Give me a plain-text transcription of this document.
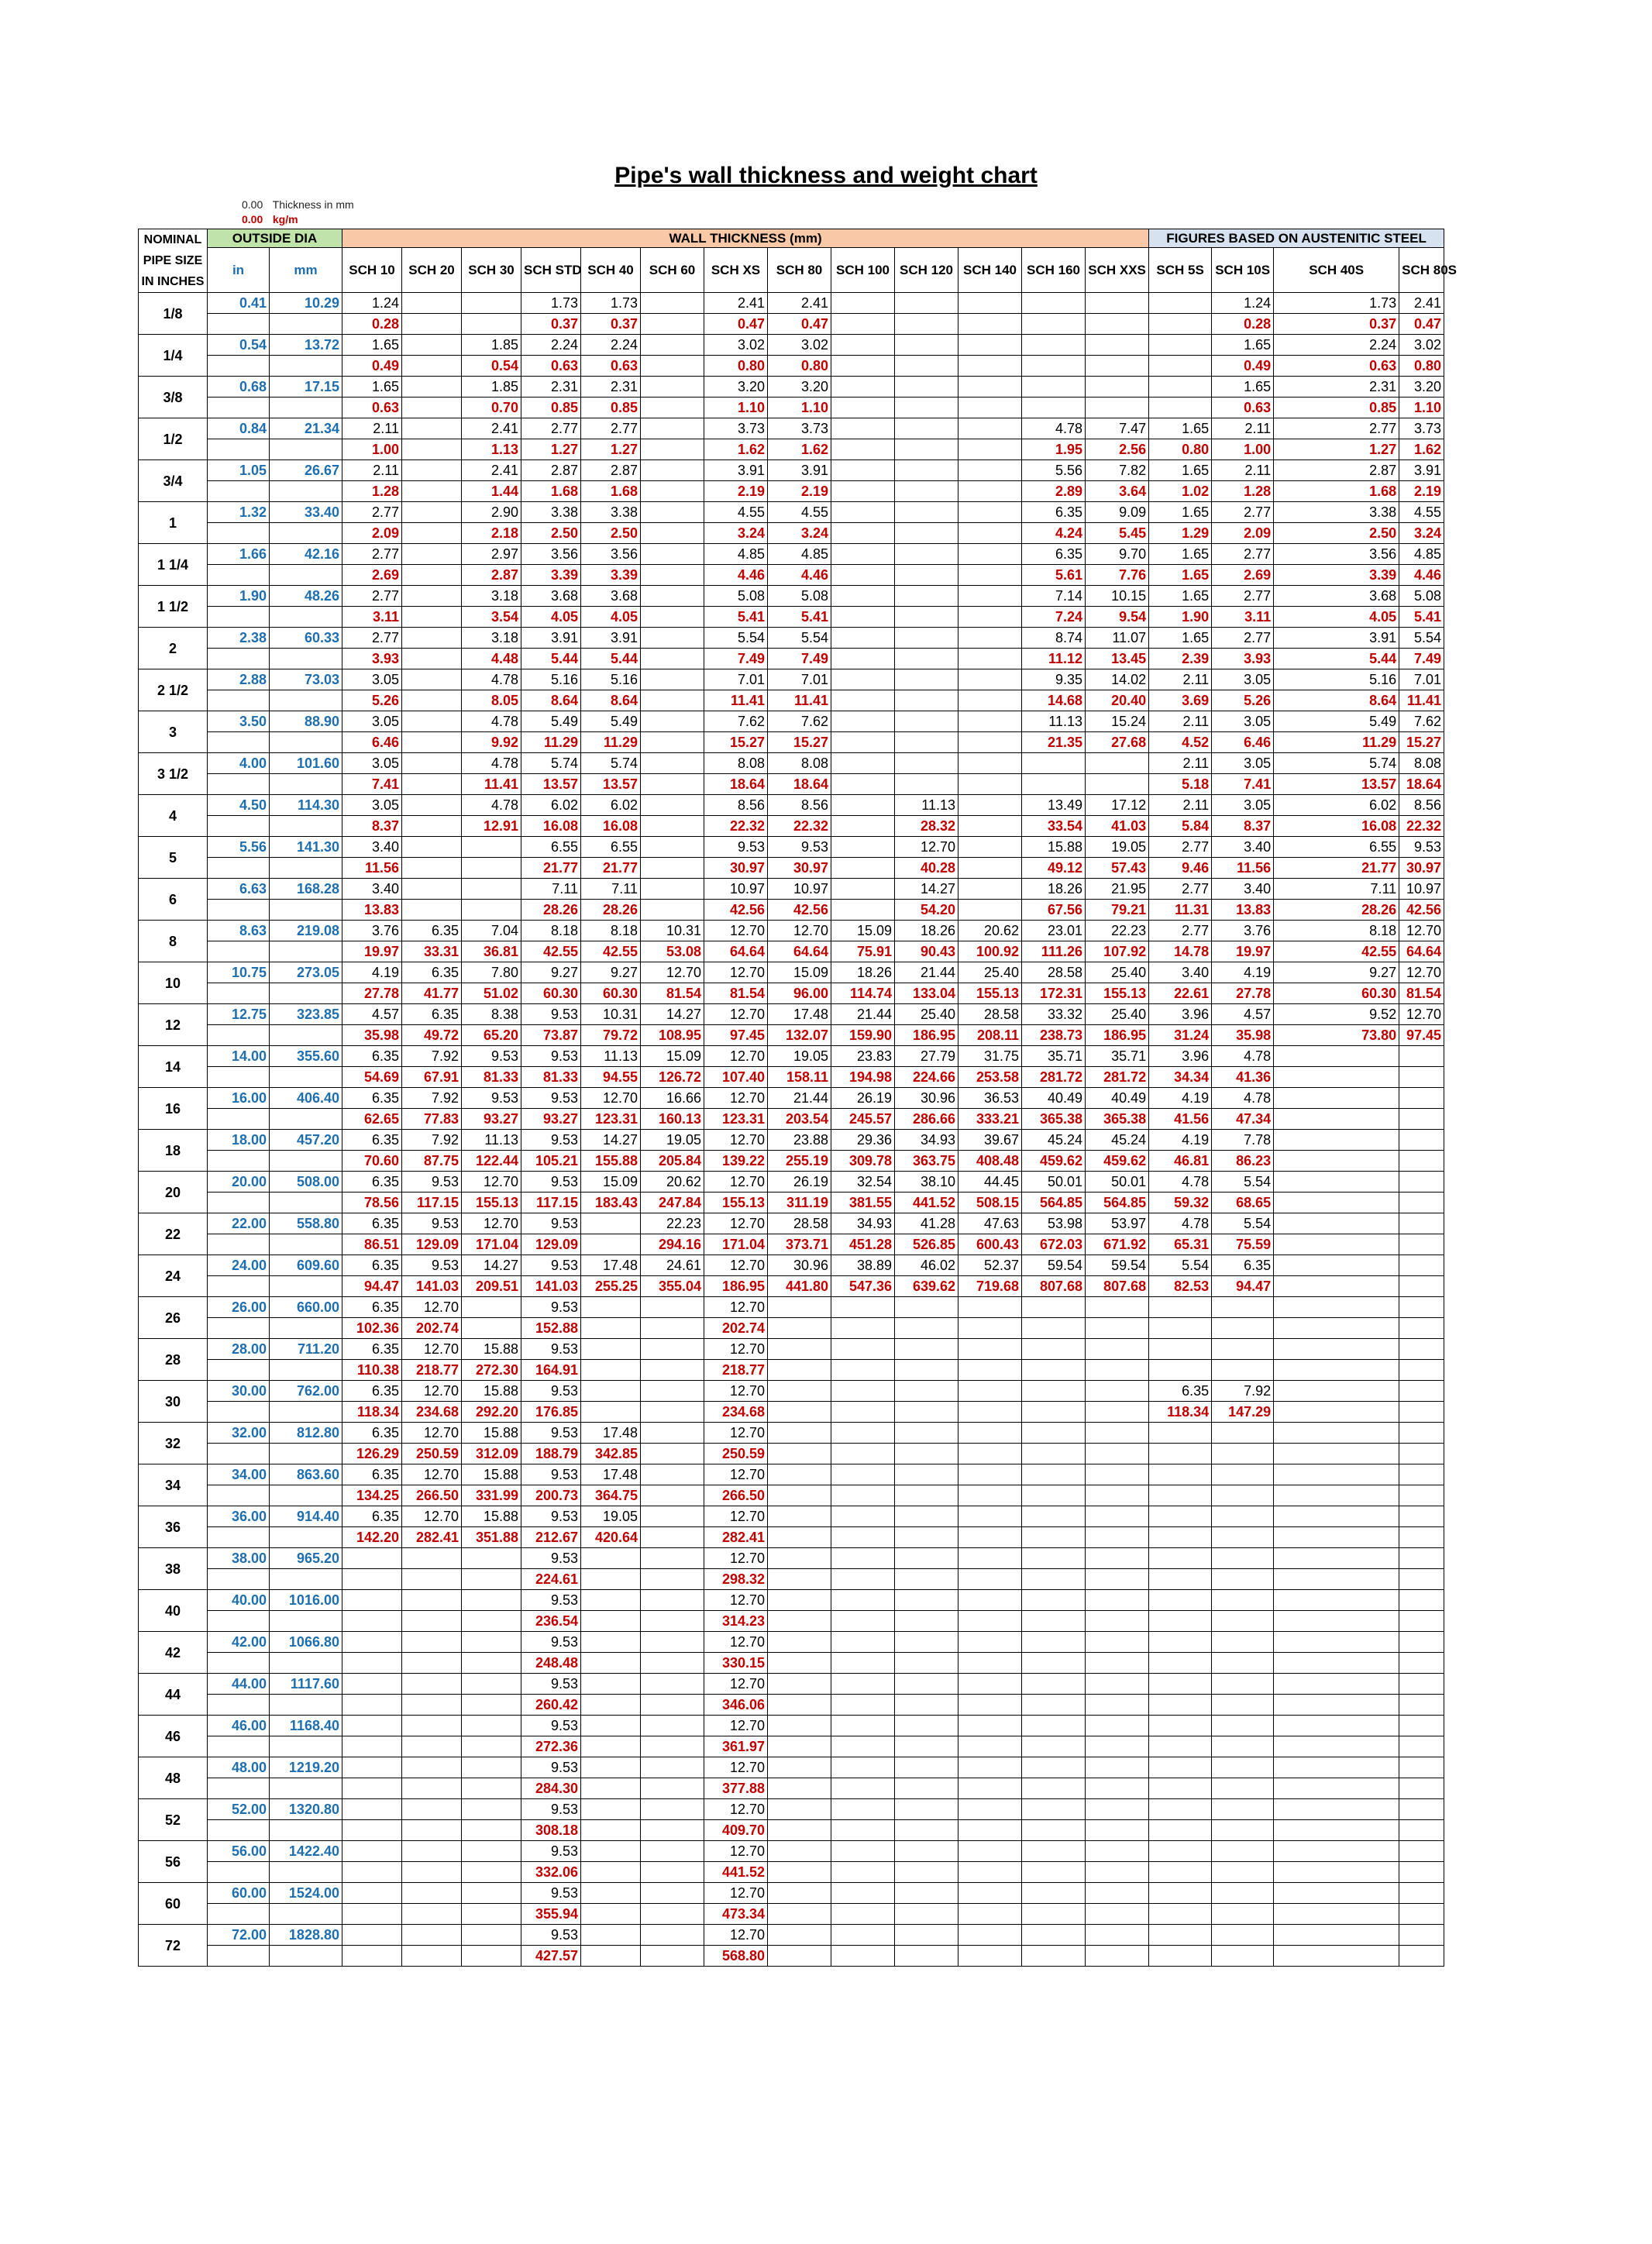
Pipe's wall thickness and weight chart
0.00 Thickness in mm
0.00 kg/m
NOMINAL PIPE SIZE IN INCHES	OUTSIDE DIA		WALL THICKNESS (mm)													FIGURES BASED ON AUSTENITIC STEEL			
	in	mm	SCH 10	SCH 20	SCH 30	SCH STD	SCH 40	SCH 60	SCH XS	SCH 80	SCH 100	SCH 120	SCH 140	SCH 160	SCH XXS	SCH 5S	SCH 10S	SCH 40S	SCH 80S
1/8	0.41	10.29	1.24			1.73	1.73		2.41	2.41							1.24	1.73	2.41
			0.28			0.37	0.37		0.47	0.47							0.28	0.37	0.47
1/4	0.54	13.72	1.65		1.85	2.24	2.24		3.02	3.02							1.65	2.24	3.02
			0.49		0.54	0.63	0.63		0.80	0.80							0.49	0.63	0.80
3/8	0.68	17.15	1.65		1.85	2.31	2.31		3.20	3.20							1.65	2.31	3.20
			0.63		0.70	0.85	0.85		1.10	1.10							0.63	0.85	1.10
1/2	0.84	21.34	2.11		2.41	2.77	2.77		3.73	3.73				4.78	7.47	1.65	2.11	2.77	3.73
			1.00		1.13	1.27	1.27		1.62	1.62				1.95	2.56	0.80	1.00	1.27	1.62
3/4	1.05	26.67	2.11		2.41	2.87	2.87		3.91	3.91				5.56	7.82	1.65	2.11	2.87	3.91
			1.28		1.44	1.68	1.68		2.19	2.19				2.89	3.64	1.02	1.28	1.68	2.19
1	1.32	33.40	2.77		2.90	3.38	3.38		4.55	4.55				6.35	9.09	1.65	2.77	3.38	4.55
			2.09		2.18	2.50	2.50		3.24	3.24				4.24	5.45	1.29	2.09	2.50	3.24
1 1/4	1.66	42.16	2.77		2.97	3.56	3.56		4.85	4.85				6.35	9.70	1.65	2.77	3.56	4.85
			2.69		2.87	3.39	3.39		4.46	4.46				5.61	7.76	1.65	2.69	3.39	4.46
1 1/2	1.90	48.26	2.77		3.18	3.68	3.68		5.08	5.08				7.14	10.15	1.65	2.77	3.68	5.08
			3.11		3.54	4.05	4.05		5.41	5.41				7.24	9.54	1.90	3.11	4.05	5.41
2	2.38	60.33	2.77		3.18	3.91	3.91		5.54	5.54				8.74	11.07	1.65	2.77	3.91	5.54
			3.93		4.48	5.44	5.44		7.49	7.49				11.12	13.45	2.39	3.93	5.44	7.49
2 1/2	2.88	73.03	3.05		4.78	5.16	5.16		7.01	7.01				9.35	14.02	2.11	3.05	5.16	7.01
			5.26		8.05	8.64	8.64		11.41	11.41				14.68	20.40	3.69	5.26	8.64	11.41
3	3.50	88.90	3.05		4.78	5.49	5.49		7.62	7.62				11.13	15.24	2.11	3.05	5.49	7.62
			6.46		9.92	11.29	11.29		15.27	15.27				21.35	27.68	4.52	6.46	11.29	15.27
3 1/2	4.00	101.60	3.05		4.78	5.74	5.74		8.08	8.08						2.11	3.05	5.74	8.08
			7.41		11.41	13.57	13.57		18.64	18.64						5.18	7.41	13.57	18.64
4	4.50	114.30	3.05		4.78	6.02	6.02		8.56	8.56		11.13		13.49	17.12	2.11	3.05	6.02	8.56
			8.37		12.91	16.08	16.08		22.32	22.32		28.32		33.54	41.03	5.84	8.37	16.08	22.32
5	5.56	141.30	3.40			6.55	6.55		9.53	9.53		12.70		15.88	19.05	2.77	3.40	6.55	9.53
			11.56			21.77	21.77		30.97	30.97		40.28		49.12	57.43	9.46	11.56	21.77	30.97
6	6.63	168.28	3.40			7.11	7.11		10.97	10.97		14.27		18.26	21.95	2.77	3.40	7.11	10.97
			13.83			28.26	28.26		42.56	42.56		54.20		67.56	79.21	11.31	13.83	28.26	42.56
8	8.63	219.08	3.76	6.35	7.04	8.18	8.18	10.31	12.70	12.70	15.09	18.26	20.62	23.01	22.23	2.77	3.76	8.18	12.70
			19.97	33.31	36.81	42.55	42.55	53.08	64.64	64.64	75.91	90.43	100.92	111.26	107.92	14.78	19.97	42.55	64.64
10	10.75	273.05	4.19	6.35	7.80	9.27	9.27	12.70	12.70	15.09	18.26	21.44	25.40	28.58	25.40	3.40	4.19	9.27	12.70
			27.78	41.77	51.02	60.30	60.30	81.54	81.54	96.00	114.74	133.04	155.13	172.31	155.13	22.61	27.78	60.30	81.54
12	12.75	323.85	4.57	6.35	8.38	9.53	10.31	14.27	12.70	17.48	21.44	25.40	28.58	33.32	25.40	3.96	4.57	9.52	12.70
			35.98	49.72	65.20	73.87	79.72	108.95	97.45	132.07	159.90	186.95	208.11	238.73	186.95	31.24	35.98	73.80	97.45
14	14.00	355.60	6.35	7.92	9.53	9.53	11.13	15.09	12.70	19.05	23.83	27.79	31.75	35.71	35.71	3.96	4.78		
			54.69	67.91	81.33	81.33	94.55	126.72	107.40	158.11	194.98	224.66	253.58	281.72	281.72	34.34	41.36		
16	16.00	406.40	6.35	7.92	9.53	9.53	12.70	16.66	12.70	21.44	26.19	30.96	36.53	40.49	40.49	4.19	4.78		
			62.65	77.83	93.27	93.27	123.31	160.13	123.31	203.54	245.57	286.66	333.21	365.38	365.38	41.56	47.34		
18	18.00	457.20	6.35	7.92	11.13	9.53	14.27	19.05	12.70	23.88	29.36	34.93	39.67	45.24	45.24	4.19	7.78		
			70.60	87.75	122.44	105.21	155.88	205.84	139.22	255.19	309.78	363.75	408.48	459.62	459.62	46.81	86.23		
20	20.00	508.00	6.35	9.53	12.70	9.53	15.09	20.62	12.70	26.19	32.54	38.10	44.45	50.01	50.01	4.78	5.54		
			78.56	117.15	155.13	117.15	183.43	247.84	155.13	311.19	381.55	441.52	508.15	564.85	564.85	59.32	68.65		
22	22.00	558.80	6.35	9.53	12.70	9.53		22.23	12.70	28.58	34.93	41.28	47.63	53.98	53.97	4.78	5.54		
			86.51	129.09	171.04	129.09		294.16	171.04	373.71	451.28	526.85	600.43	672.03	671.92	65.31	75.59		
24	24.00	609.60	6.35	9.53	14.27	9.53	17.48	24.61	12.70	30.96	38.89	46.02	52.37	59.54	59.54	5.54	6.35		
			94.47	141.03	209.51	141.03	255.25	355.04	186.95	441.80	547.36	639.62	719.68	807.68	807.68	82.53	94.47		
26	26.00	660.00	6.35	12.70		9.53			12.70										
			102.36	202.74		152.88			202.74										
28	28.00	711.20	6.35	12.70	15.88	9.53			12.70										
			110.38	218.77	272.30	164.91			218.77										
30	30.00	762.00	6.35	12.70	15.88	9.53			12.70							6.35	7.92		
			118.34	234.68	292.20	176.85			234.68							118.34	147.29		
32	32.00	812.80	6.35	12.70	15.88	9.53	17.48		12.70										
			126.29	250.59	312.09	188.79	342.85		250.59										
34	34.00	863.60	6.35	12.70	15.88	9.53	17.48		12.70										
			134.25	266.50	331.99	200.73	364.75		266.50										
36	36.00	914.40	6.35	12.70	15.88	9.53	19.05		12.70										
			142.20	282.41	351.88	212.67	420.64		282.41										
38	38.00	965.20				9.53			12.70										
						224.61			298.32										
40	40.00	1016.00				9.53			12.70										
						236.54			314.23										
42	42.00	1066.80				9.53			12.70										
						248.48			330.15										
44	44.00	1117.60				9.53			12.70										
						260.42			346.06										
46	46.00	1168.40				9.53			12.70										
						272.36			361.97										
48	48.00	1219.20				9.53			12.70										
						284.30			377.88										
52	52.00	1320.80				9.53			12.70										
						308.18			409.70										
56	56.00	1422.40				9.53			12.70										
						332.06			441.52										
60	60.00	1524.00				9.53			12.70										
						355.94			473.34										
72	72.00	1828.80				9.53			12.70										
						427.57			568.80										
